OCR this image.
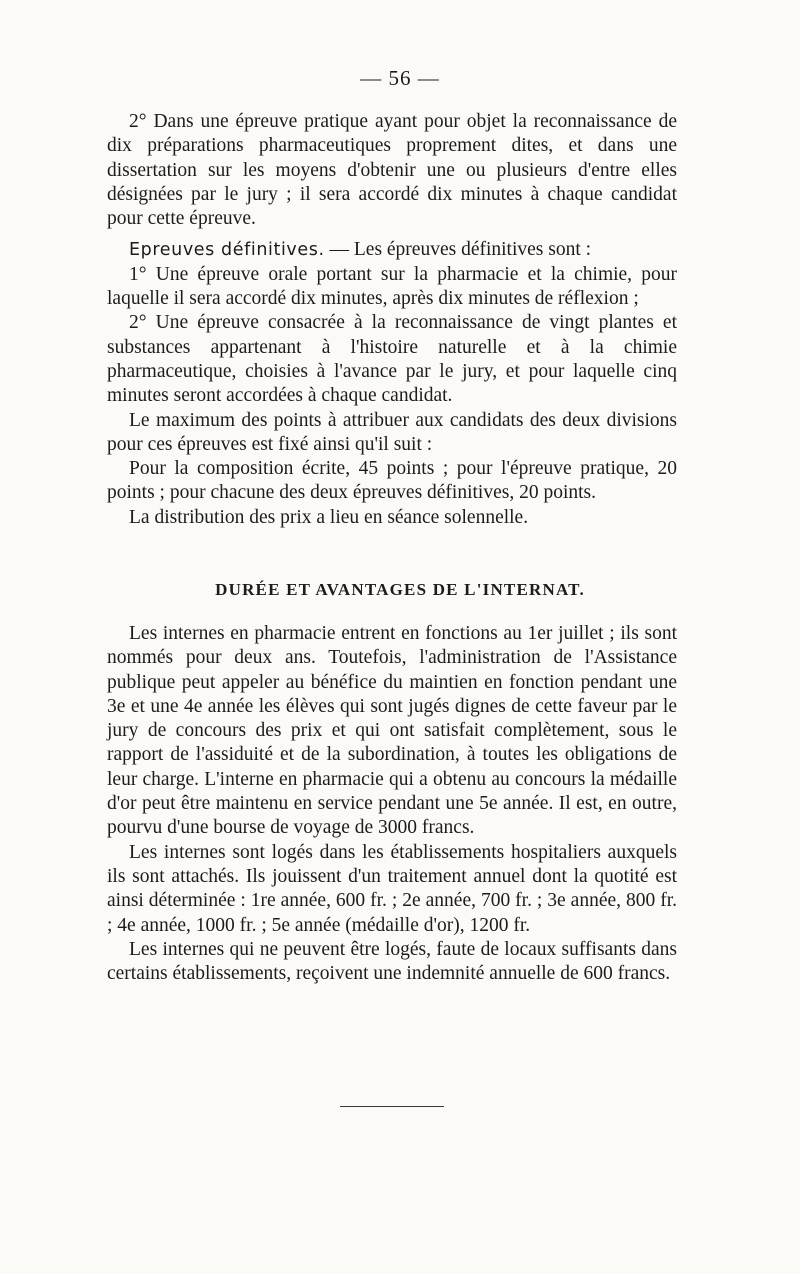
— 56 —

2° Dans une épreuve pratique ayant pour objet la reconnaissance de dix préparations pharmaceutiques proprement dites, et dans une dissertation sur les moyens d'obtenir une ou plusieurs d'entre elles désignées par le jury ; il sera accordé dix minutes à chaque candidat pour cette épreuve.

Epreuves définitives. — Les épreuves définitives sont :

1° Une épreuve orale portant sur la pharmacie et la chimie, pour laquelle il sera accordé dix minutes, après dix minutes de réflexion ;

2° Une épreuve consacrée à la reconnaissance de vingt plantes et substances appartenant à l'histoire naturelle et à la chimie pharmaceutique, choisies à l'avance par le jury, et pour laquelle cinq minutes seront accordées à chaque candidat.

Le maximum des points à attribuer aux candidats des deux divisions pour ces épreuves est fixé ainsi qu'il suit :

Pour la composition écrite, 45 points ; pour l'épreuve pratique, 20 points ; pour chacune des deux épreuves définitives, 20 points.

La distribution des prix a lieu en séance solennelle.

DURÉE ET AVANTAGES DE L'INTERNAT.

Les internes en pharmacie entrent en fonctions au 1er juillet ; ils sont nommés pour deux ans. Toutefois, l'administration de l'Assistance publique peut appeler au bénéfice du maintien en fonction pendant une 3e et une 4e année les élèves qui sont jugés dignes de cette faveur par le jury de concours des prix et qui ont satisfait complètement, sous le rapport de l'assiduité et de la subordination, à toutes les obligations de leur charge. L'interne en pharmacie qui a obtenu au concours la médaille d'or peut être maintenu en service pendant une 5e année. Il est, en outre, pourvu d'une bourse de voyage de 3000 francs.

Les internes sont logés dans les établissements hospitaliers auxquels ils sont attachés. Ils jouissent d'un traitement annuel dont la quotité est ainsi déterminée : 1re année, 600 fr. ; 2e année, 700 fr. ; 3e année, 800 fr. ; 4e année, 1000 fr. ; 5e année (médaille d'or), 1200 fr.

Les internes qui ne peuvent être logés, faute de locaux suffisants dans certains établissements, reçoivent une indemnité annuelle de 600 francs.
